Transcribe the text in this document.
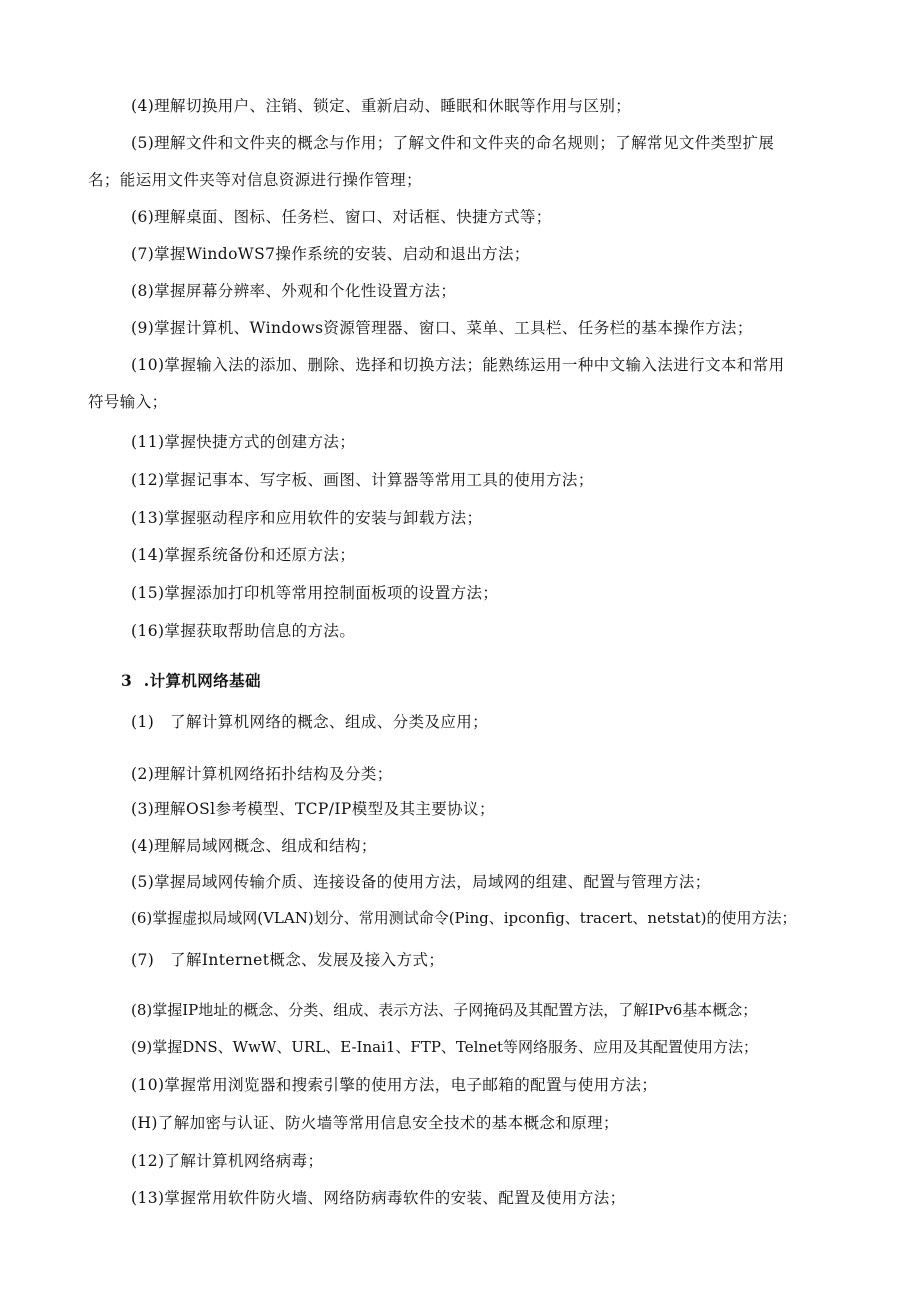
(4)理解切换用户、注销、锁定、重新启动、睡眠和休眠等作用与区别；
(5)理解文件和文件夹的概念与作用；了解文件和文件夹的命名规则；了解常见文件类型扩展
名；能运用文件夹等对信息资源进行操作管理；
(6)理解桌面、图标、任务栏、窗口、对话框、快捷方式等；
(7)掌握WindoWS7操作系统的安装、启动和退出方法；
(8)掌握屏幕分辨率、外观和个化性设置方法；
(9)掌握计算机、Windows资源管理器、窗口、菜单、工具栏、任务栏的基本操作方法；
(10)掌握输入法的添加、删除、选择和切换方法；能熟练运用一种中文输入法进行文本和常用
符号输入；
(11)掌握快捷方式的创建方法；
(12)掌握记事本、写字板、画图、计算器等常用工具的使用方法；
(13)掌握驱动程序和应用软件的安装与卸载方法；
(14)掌握系统备份和还原方法；
(15)掌握添加打印机等常用控制面板项的设置方法；
(16)掌握获取帮助信息的方法。
3 .计算机网络基础
(1)　了解计算机网络的概念、组成、分类及应用；
(2)理解计算机网络拓扑结构及分类；
(3)理解OSl参考模型、TCP/IP模型及其主要协议；
(4)理解局域网概念、组成和结构；
(5)掌握局域网传输介质、连接设备的使用方法，局域网的组建、配置与管理方法；
(6)掌握虚拟局域网(VLAN)划分、常用测试命令(Ping、ipconfig、tracert、netstat)的使用方法；
(7)　了解Internet概念、发展及接入方式；
(8)掌握IP地址的概念、分类、组成、表示方法、子网掩码及其配置方法，了解IPv6基本概念；
(9)掌握DNS、WwW、URL、E-Inai1、FTP、Telnet等网络服务、应用及其配置使用方法；
(10)掌握常用浏览器和搜索引擎的使用方法，电子邮箱的配置与使用方法；
(H)了解加密与认证、防火墙等常用信息安全技术的基本概念和原理；
(12)了解计算机网络病毒；
(13)掌握常用软件防火墙、网络防病毒软件的安装、配置及使用方法；
